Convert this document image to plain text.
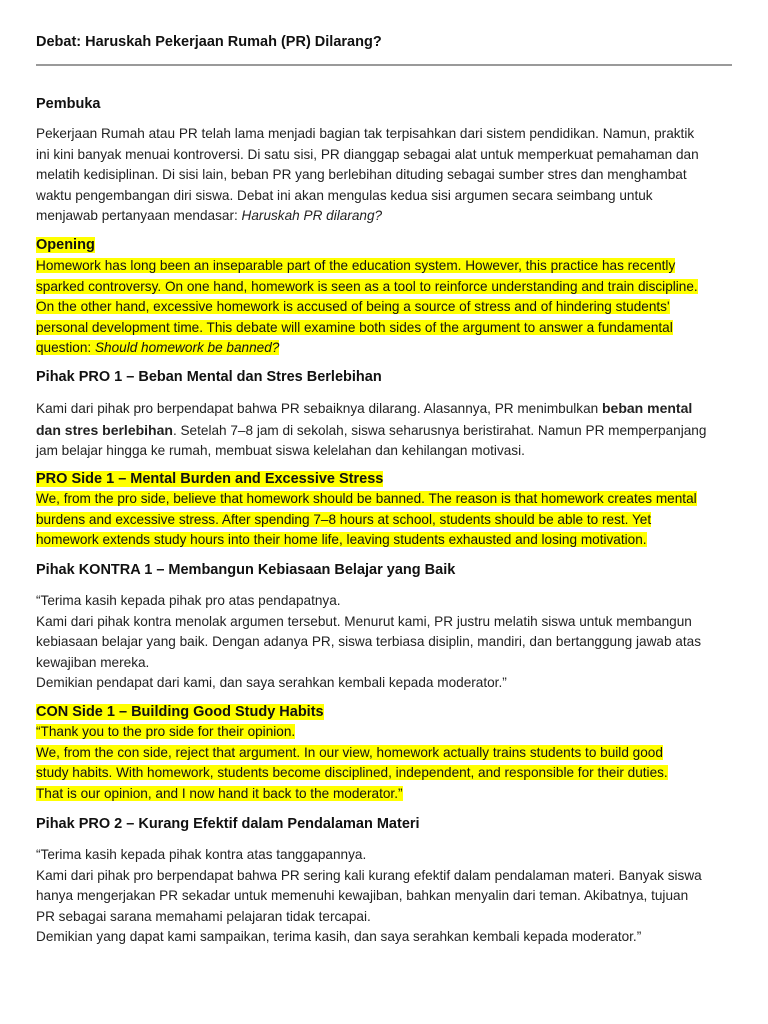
Debat: Haruskah Pekerjaan Rumah (PR) Dilarang?
Pembuka
Pekerjaan Rumah atau PR telah lama menjadi bagian tak terpisahkan dari sistem pendidikan. Namun, praktik
ini kini banyak menuai kontroversi. Di satu sisi, PR dianggap sebagai alat untuk memperkuat pemahaman dan
melatih kedisiplinan. Di sisi lain, beban PR yang berlebihan dituding sebagai sumber stres dan menghambat
waktu pengembangan diri siswa. Debat ini akan mengulas kedua sisi argumen secara seimbang untuk
menjawab pertanyaan mendasar: Haruskah PR dilarang?
Opening
Homework has long been an inseparable part of the education system. However, this practice has recently
sparked controversy. On one hand, homework is seen as a tool to reinforce understanding and train discipline.
On the other hand, excessive homework is accused of being a source of stress and of hindering students'
personal development time. This debate will examine both sides of the argument to answer a fundamental
question: Should homework be banned?
Pihak PRO 1 – Beban Mental dan Stres Berlebihan
Kami dari pihak pro berpendapat bahwa PR sebaiknya dilarang. Alasannya, PR menimbulkan beban mental
dan stres berlebihan. Setelah 7–8 jam di sekolah, siswa seharusnya beristirahat. Namun PR memperpanjang
jam belajar hingga ke rumah, membuat siswa kelelahan dan kehilangan motivasi.
PRO Side 1 – Mental Burden and Excessive Stress
We, from the pro side, believe that homework should be banned. The reason is that homework creates mental
burdens and excessive stress. After spending 7–8 hours at school, students should be able to rest. Yet
homework extends study hours into their home life, leaving students exhausted and losing motivation.
Pihak KONTRA 1 – Membangun Kebiasaan Belajar yang Baik
“Terima kasih kepada pihak pro atas pendapatnya.
Kami dari pihak kontra menolak argumen tersebut. Menurut kami, PR justru melatih siswa untuk membangun
kebiasaan belajar yang baik. Dengan adanya PR, siswa terbiasa disiplin, mandiri, dan bertanggung jawab atas
kewajiban mereka.
Demikian pendapat dari kami, dan saya serahkan kembali kepada moderator.”
CON Side 1 – Building Good Study Habits
“Thank you to the pro side for their opinion.
We, from the con side, reject that argument. In our view, homework actually trains students to build good
study habits. With homework, students become disciplined, independent, and responsible for their duties.
That is our opinion, and I now hand it back to the moderator.”
Pihak PRO 2 – Kurang Efektif dalam Pendalaman Materi
“Terima kasih kepada pihak kontra atas tanggapannya.
Kami dari pihak pro berpendapat bahwa PR sering kali kurang efektif dalam pendalaman materi. Banyak siswa
hanya mengerjakan PR sekadar untuk memenuhi kewajiban, bahkan menyalin dari teman. Akibatnya, tujuan
PR sebagai sarana memahami pelajaran tidak tercapai.
Demikian yang dapat kami sampaikan, terima kasih, dan saya serahkan kembali kepada moderator.”
